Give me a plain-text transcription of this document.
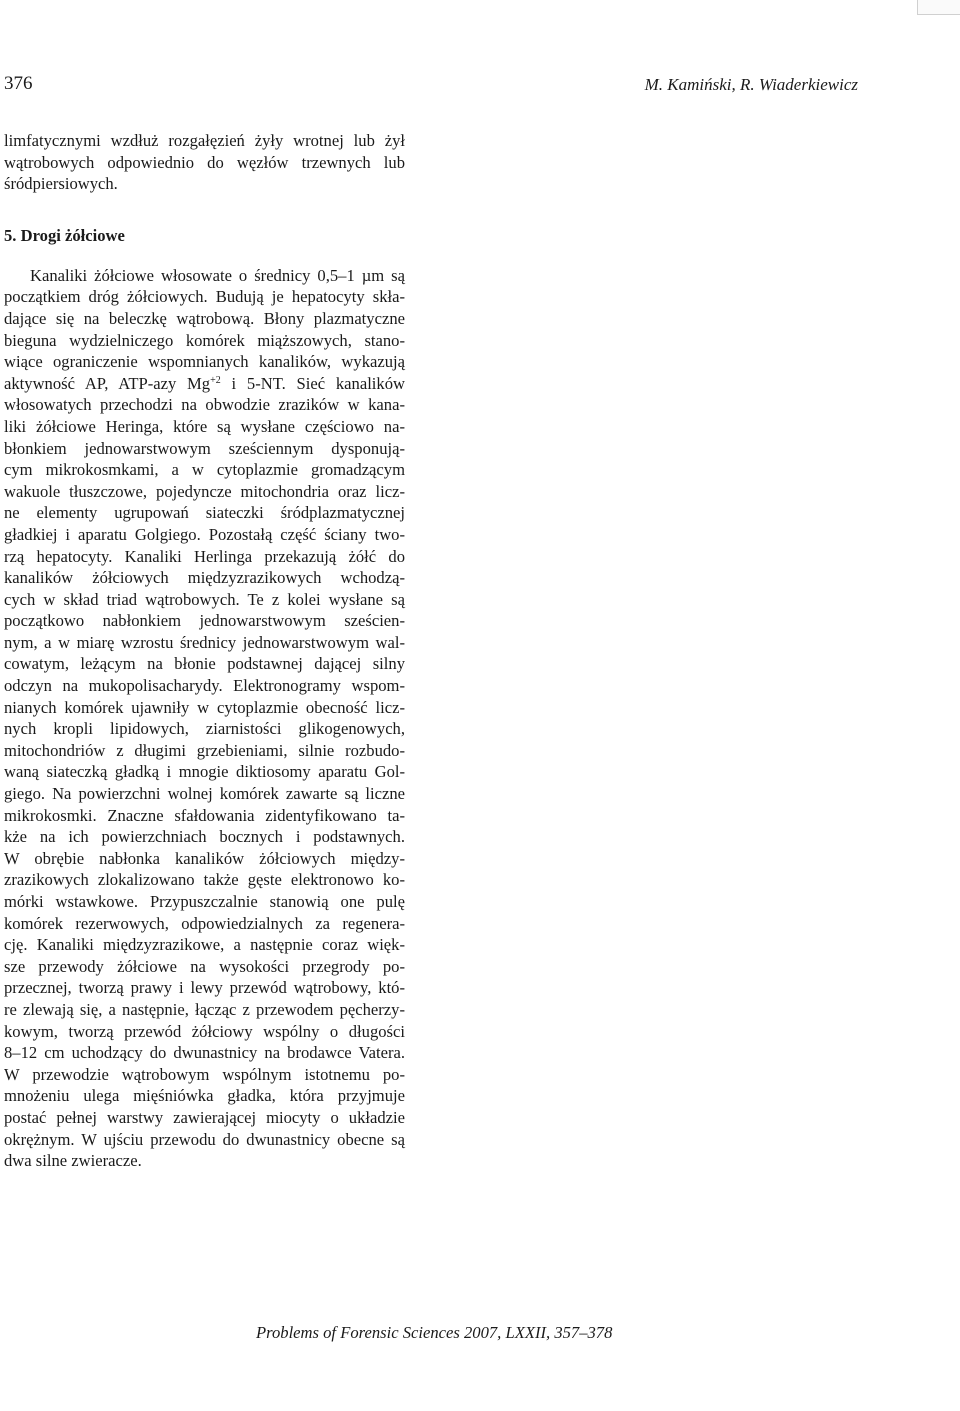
376	M. Kamiński, R. Wiaderkiewicz
limfatycznymi wzdłuż rozgałęzień żyły wrotnej lub żył
wątrobowych odpowiednio do węzłów trzewnych lub
śródpiersiowych.
5. Drogi żółciowe
Kanaliki żółciowe włosowate o średnicy 0,5–1 µm są
początkiem dróg żółciowych. Budują je hepatocyty skła-
dające się na beleczkę wątrobową. Błony plazmatyczne
bieguna wydzielniczego komórek miąższowych, stano-
wiące ograniczenie wspomnianych kanalików, wykazują
aktywność AP, ATP-azy $Mg^{+2}$ i 5-NT. Sieć kanalików
włosowatych przechodzi na obwodzie zrazików w kana-
liki żółciowe Heringa, które są wysłane częściowo na-
błonkiem jednowarstwowym sześciennym dysponują-
cym mikrokosmkami, a w cytoplazmie gromadzącym
wakuole tłuszczowe, pojedyncze mitochondria oraz licz-
ne elementy ugrupowań siateczki śródplazmatycznej
gładkiej i aparatu Golgiego. Pozostałą część ściany two-
rzą hepatocyty. Kanaliki Herlinga przekazują żółć do
kanalików żółciowych międzyzrazikowych wchodzą-
cych w skład triad wątrobowych. Te z kolei wysłane są
początkowo nabłonkiem jednowarstwowym sześcien-
nym, a w miarę wzrostu średnicy jednowarstwowym wal-
cowatym, leżącym na błonie podstawnej dającej silny
odczyn na mukopolisacharydy. Elektronogramy wspom-
nianych komórek ujawniły w cytoplazmie obecność licz-
nych kropli lipidowych, ziarnistości glikogenowych,
mitochondriów z długimi grzebieniami, silnie rozbudo-
waną siateczką gładką i mnogie diktiosomy aparatu Gol-
giego. Na powierzchni wolnej komórek zawarte są liczne
mikrokosmki. Znaczne sfałdowania zidentyfikowano ta-
kże na ich powierzchniach bocznych i podstawnych.
W obrębie nabłonka kanalików żółciowych między-
zrazikowych zlokalizowano także gęste elektronowo ko-
mórki wstawkowe. Przypuszczalnie stanowią one pulę
komórek rezerwowych, odpowiedzialnych za regenera-
cję. Kanaliki międzyzrazikowe, a następnie coraz więk-
sze przewody żółciowe na wysokości przegrody po-
przecznej, tworzą prawy i lewy przewód wątrobowy, któ-
re zlewają się, a następnie, łącząc z przewodem pęcherzy-
kowym, tworzą przewód żółciowy wspólny o długości
8–12 cm uchodzący do dwunastnicy na brodawce Vatera.
W przewodzie wątrobowym wspólnym istotnemu po-
mnożeniu ulega mięśniówka gładka, która przyjmuje
postać pełnej warstwy zawierającej miocyty o układzie
okrężnym. W ujściu przewodu do dwunastnicy obecne są
dwa silne zwieracze.
Problems of Forensic Sciences 2007, LXXII, 357–378
